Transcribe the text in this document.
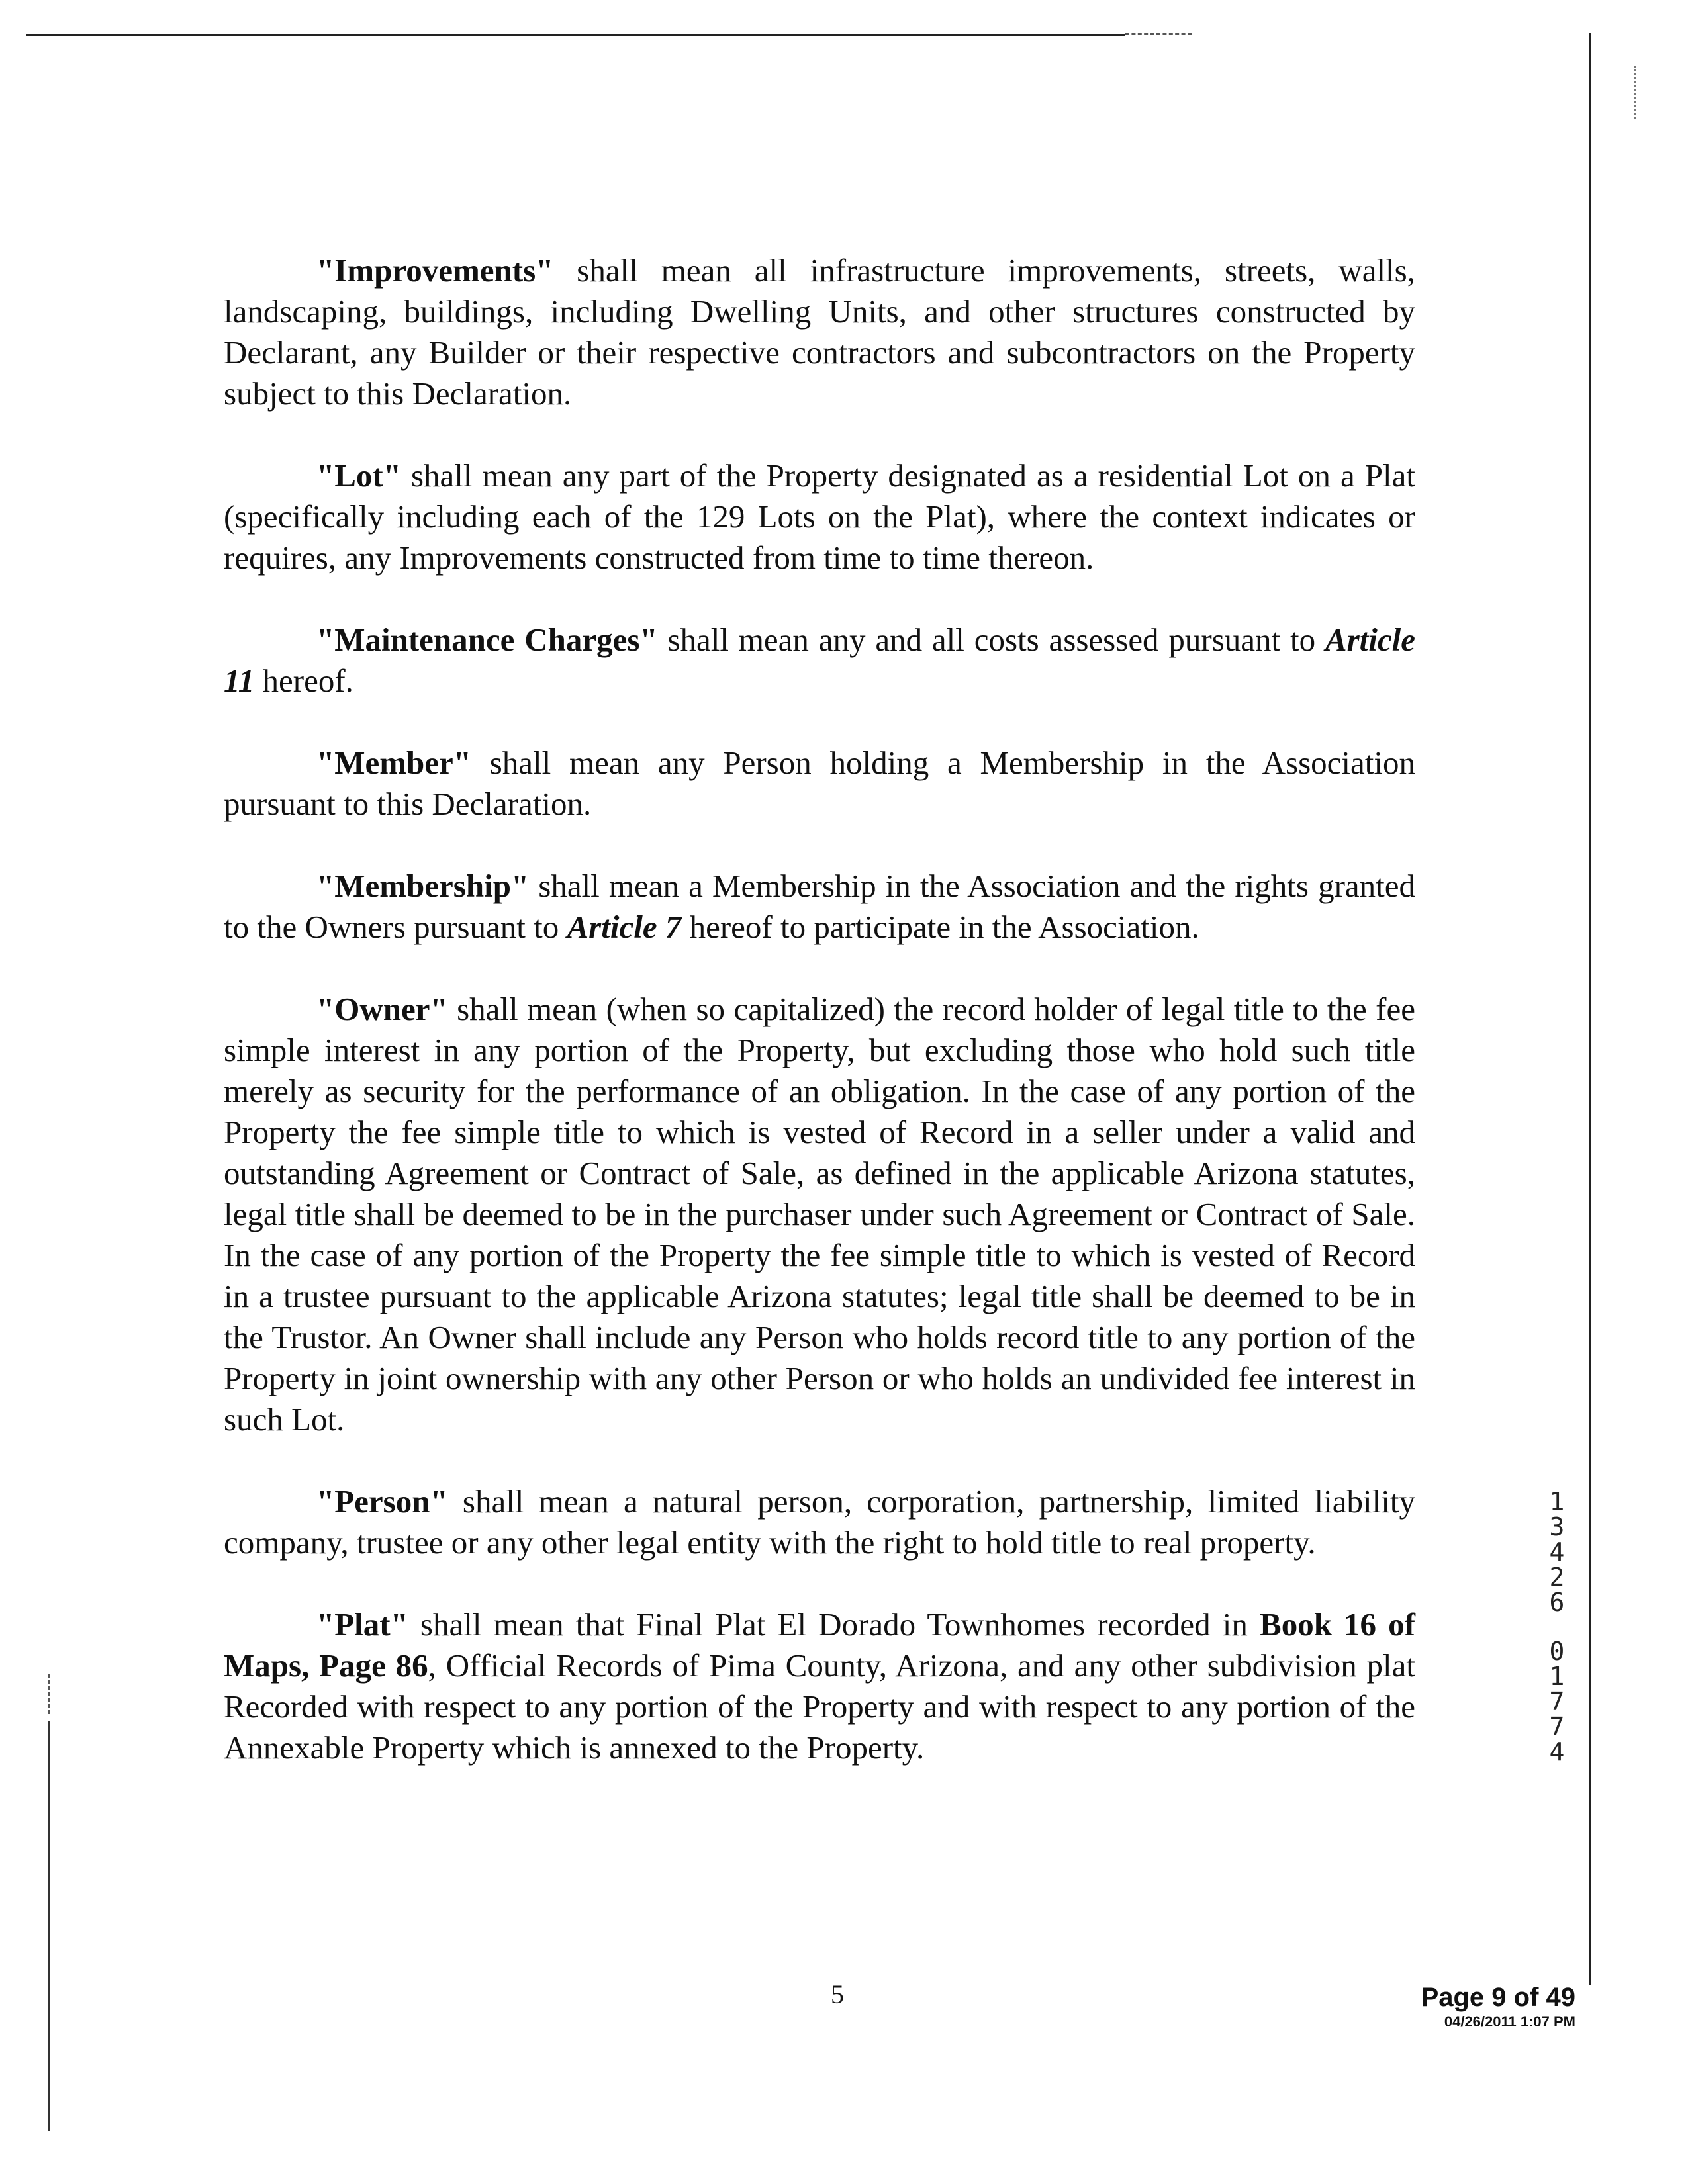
"Improvements" shall mean all infrastructure improvements, streets, walls, landscaping, buildings, including Dwelling Units, and other structures constructed by Declarant, any Builder or their respective contractors and subcontractors on the Property subject to this Declaration.

"Lot" shall mean any part of the Property designated as a residential Lot on a Plat (specifically including each of the 129 Lots on the Plat), where the context indicates or requires, any Improvements constructed from time to time thereon.

"Maintenance Charges" shall mean any and all costs assessed pursuant to Article 11 hereof.

"Member" shall mean any Person holding a Membership in the Association pursuant to this Declaration.

"Membership" shall mean a Membership in the Association and the rights granted to the Owners pursuant to Article 7 hereof to participate in the Association.

"Owner" shall mean (when so capitalized) the record holder of legal title to the fee simple interest in any portion of the Property, but excluding those who hold such title merely as security for the performance of an obligation. In the case of any portion of the Property the fee simple title to which is vested of Record in a seller under a valid and outstanding Agreement or Contract of Sale, as defined in the applicable Arizona statutes, legal title shall be deemed to be in the purchaser under such Agreement or Contract of Sale. In the case of any portion of the Property the fee simple title to which is vested of Record in a trustee pursuant to the applicable Arizona statutes; legal title shall be deemed to be in the Trustor. An Owner shall include any Person who holds record title to any portion of the Property in joint ownership with any other Person or who holds an undivided fee interest in such Lot.

"Person" shall mean a natural person, corporation, partnership, limited liability company, trustee or any other legal entity with the right to hold title to real property.

"Plat" shall mean that Final Plat El Dorado Townhomes recorded in Book 16 of Maps, Page 86, Official Records of Pima County, Arizona, and any other subdivision plat Recorded with respect to any portion of the Property and with respect to any portion of the Annexable Property which is annexed to the Property.

1
3
4
2
6
0
1
7
7
4
5	Page 9 of 49
04/26/2011 1:07 PM
